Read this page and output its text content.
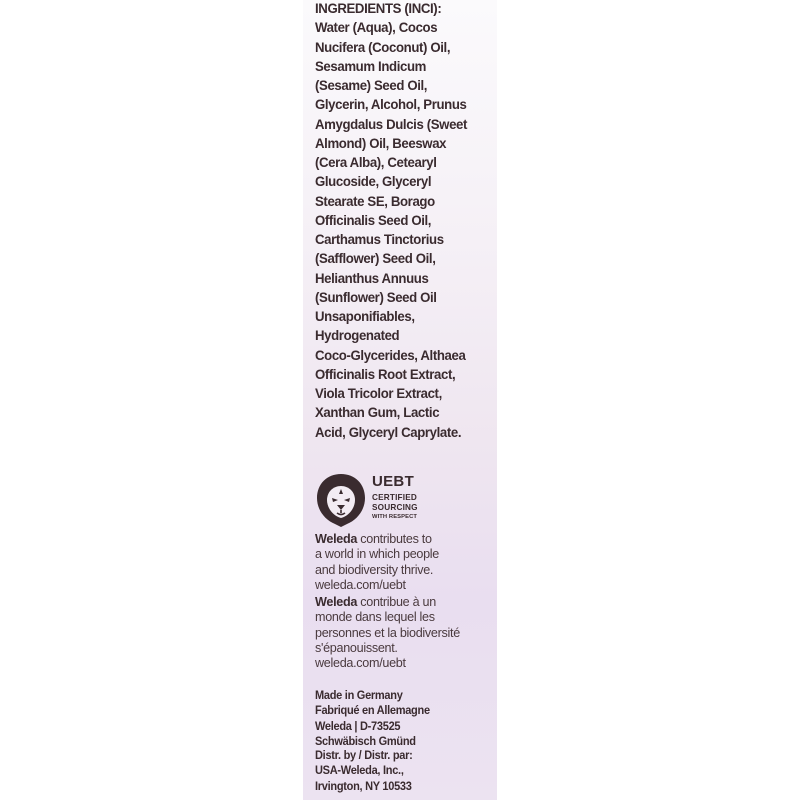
INGREDIENTS (INCI):
Water (Aqua), Cocos
Nucifera (Coconut) Oil,
Sesamum Indicum
(Sesame) Seed Oil,
Glycerin, Alcohol, Prunus
Amygdalus Dulcis (Sweet
Almond) Oil, Beeswax
(Cera Alba), Cetearyl
Glucoside, Glyceryl
Stearate SE, Borago
Officinalis Seed Oil,
Carthamus Tinctorius
(Safflower) Seed Oil,
Helianthus Annuus
(Sunflower) Seed Oil
Unsaponifiables,
Hydrogenated
Coco-Glycerides, Althaea
Officinalis Root Extract,
Viola Tricolor Extract,
Xanthan Gum, Lactic
Acid, Glyceryl Caprylate.
UEBT
CERTIFIED
SOURCING
WITH RESPECT
Weleda contributes to
a world in which people
and biodiversity thrive.
weleda.com/uebt
Weleda contribue à un
monde dans lequel les
personnes et la biodiversité
s'épanouissent.
weleda.com/uebt
Made in Germany
Fabriqué en Allemagne
Weleda | D-73525
Schwäbisch Gmünd
Distr. by / Distr. par:
USA-Weleda, Inc.,
Irvington, NY 10533
